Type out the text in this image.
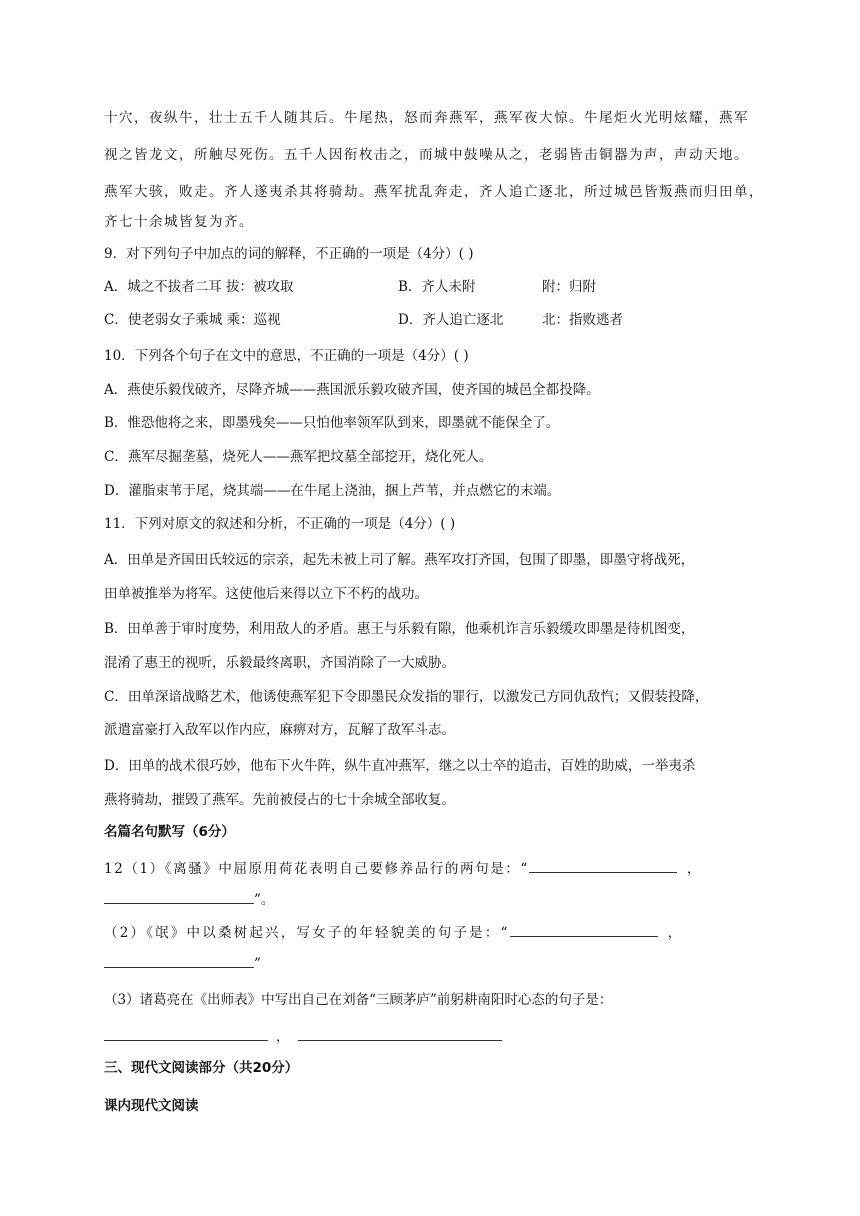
十穴，夜纵牛，壮士五千人随其后。牛尾热，怒而奔燕军，燕军夜大惊。牛尾炬火光明炫耀，燕军
视之皆龙文，所触尽死伤。五千人因衔枚击之，而城中鼓噪从之，老弱皆击铜器为声，声动天地。
燕军大骇，败走。齐人遂夷杀其将骑劫。燕军扰乱奔走，齐人追亡逐北，所过城邑皆叛燕而归田单，
齐七十余城皆复为齐。
9．对下列句子中加点的词的解释，不正确的一项是（4分）( )
A．城之不拔者二耳 拔：被攻取	B．齐人未附	附：归附
C．使老弱女子乘城 乘：巡视	D．齐人追亡逐北	北：指败逃者
10．下列各个句子在文中的意思，不正确的一项是（4分）( )
A．燕使乐毅伐破齐，尽降齐城——燕国派乐毅攻破齐国，使齐国的城邑全都投降。
B．惟恐他将之来，即墨残矣——只怕他率领军队到来，即墨就不能保全了。
C．燕军尽掘垄墓，烧死人——燕军把坟墓全部挖开，烧化死人。
D．灌脂束苇于尾，烧其端——在牛尾上浇油，捆上芦苇，并点燃它的末端。
11．下列对原文的叙述和分析，不正确的一项是（4分）( )
A．田单是齐国田氏较远的宗亲，起先未被上司了解。燕军攻打齐国，包围了即墨，即墨守将战死，
田单被推举为将军。这使他后来得以立下不朽的战功。
B．田单善于审时度势，利用敌人的矛盾。惠王与乐毅有隙，他乘机诈言乐毅缓攻即墨是待机图变，
混淆了惠王的视听，乐毅最终离职，齐国消除了一大威胁。
C．田单深谙战略艺术，他诱使燕军犯下令即墨民众发指的罪行，以激发己方同仇敌忾；又假装投降，
派遣富豪打入敌军以作内应，麻痹对方，瓦解了敌军斗志。
D．田单的战术很巧妙，他布下火牛阵，纵牛直冲燕军，继之以士卒的追击，百姓的助威，一举夷杀
燕将骑劫，摧毁了燕军。先前被侵占的七十余城全部收复。
名篇名句默写（6分）
12（1）《离骚》中屈原用荷花表明自己要修养品行的两句是：“	，
”。
（2）《氓》中以桑树起兴，写女子的年轻貌美的句子是：“	，
”
（3）诸葛亮在《出师表》中写出自己在刘备“三顾茅庐”前躬耕南阳时心态的句子是：
，
三、现代文阅读部分（共20分）
课内现代文阅读
